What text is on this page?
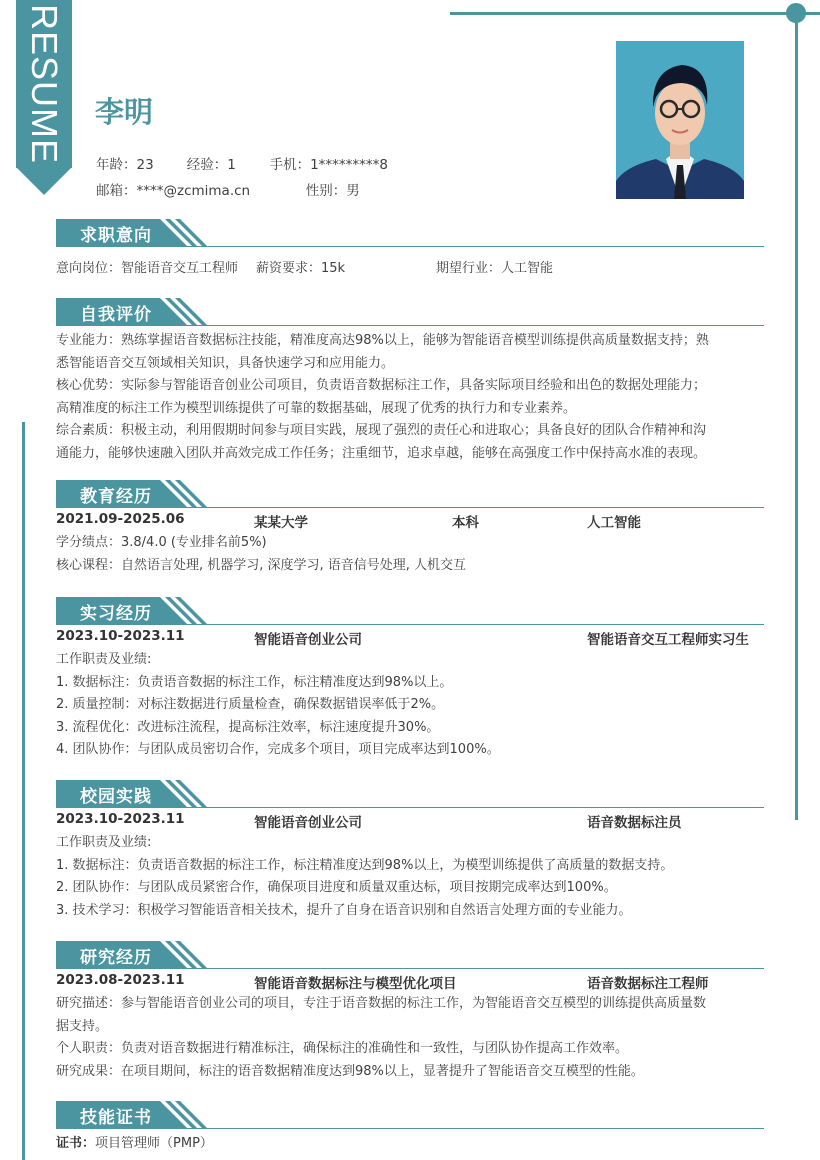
RESUME 李明
年龄：23 经验：1 手机：1*********8
邮箱：****@zcmima.cn	性别：男
求职意向
意向岗位：智能语音交互工程师 薪资要求：15k	期望行业：人工智能
自我评价
专业能力：熟练掌握语音数据标注技能，精准度高达98%以上，能够为智能语音模型训练提供高质量数据支持；熟
悉智能语音交互领域相关知识，具备快速学习和应用能力。
核心优势：实际参与智能语音创业公司项目，负责语音数据标注工作，具备实际项目经验和出色的数据处理能力；
高精准度的标注工作为模型训练提供了可靠的数据基础，展现了优秀的执行力和专业素养。
综合素质：积极主动，利用假期时间参与项目实践，展现了强烈的责任心和进取心；具备良好的团队合作精神和沟
通能力，能够快速融入团队并高效完成工作任务；注重细节，追求卓越，能够在高强度工作中保持高水准的表现。
教育经历
2021.09-2025.06	某某大学	本科	人工智能
学分绩点：3.8/4.0 (专业排名前5%)
核心课程：自然语言处理, 机器学习, 深度学习, 语音信号处理, 人机交互
实习经历
2023.10-2023.11	智能语音创业公司	智能语音交互工程师实习生
工作职责及业绩:
1. 数据标注：负责语音数据的标注工作，标注精准度达到98%以上。
2. 质量控制：对标注数据进行质量检查，确保数据错误率低于2%。
3. 流程优化：改进标注流程，提高标注效率，标注速度提升30%。
4. 团队协作：与团队成员密切合作，完成多个项目，项目完成率达到100%。
校园实践
2023.10-2023.11	智能语音创业公司	语音数据标注员
工作职责及业绩:
1. 数据标注：负责语音数据的标注工作，标注精准度达到98%以上，为模型训练提供了高质量的数据支持。
2. 团队协作：与团队成员紧密合作，确保项目进度和质量双重达标，项目按期完成率达到100%。
3. 技术学习：积极学习智能语音相关技术，提升了自身在语音识别和自然语言处理方面的专业能力。
研究经历
2023.08-2023.11	智能语音数据标注与模型优化项目	语音数据标注工程师
研究描述：参与智能语音创业公司的项目，专注于语音数据的标注工作，为智能语音交互模型的训练提供高质量数
据支持。
个人职责：负责对语音数据进行精准标注，确保标注的准确性和一致性，与团队协作提高工作效率。
研究成果：在项目期间，标注的语音数据精准度达到98%以上，显著提升了智能语音交互模型的性能。
技能证书
证书：项目管理师（PMP）
